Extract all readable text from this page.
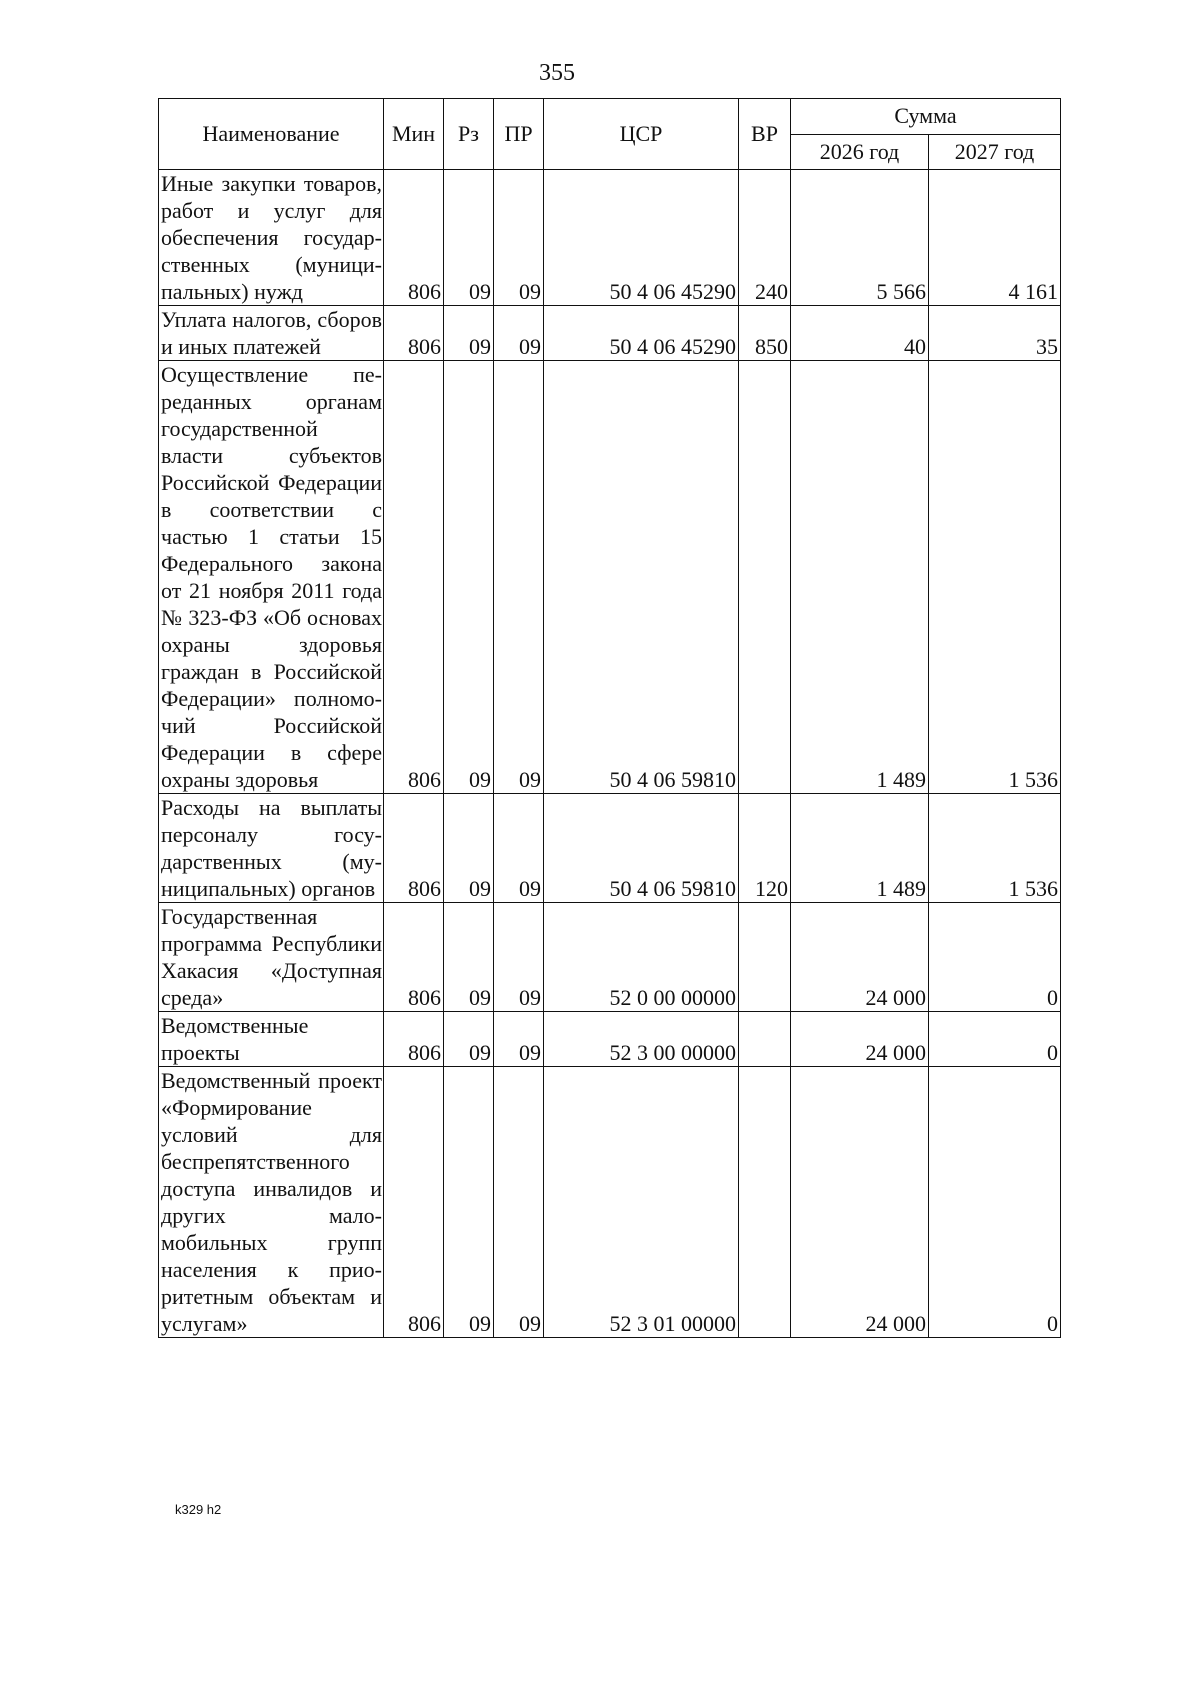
355
Наименование	Мин	Рз	ПР	ЦСР	ВР	Сумма	
						2026 год	2027 год
Иные закупки товаров, работ и услуг для обеспечения государственных (муниципальных) нужд	806	09	09	50 4 06 45290	240	5 566	4 161
Уплата налогов, сборов и иных платежей	806	09	09	50 4 06 45290	850	40	35
Осуществление переданных органам государственной власти субъектов Российской Федерации в соответствии с частью 1 статьи 15 Федерального закона от 21 ноября 2011 года № 323-ФЗ «Об основах охраны здоровья граждан в Российской Федерации» полномочий Российской Федерации в сфере охраны здоровья	806	09	09	50 4 06 59810		1 489	1 536
Расходы на выплаты персоналу государственных (муниципальных) органов	806	09	09	50 4 06 59810	120	1 489	1 536
Государственная программа Республики Хакасия «Доступная среда»	806	09	09	52 0 00 00000		24 000	0
Ведомственные проекты	806	09	09	52 3 00 00000		24 000	0
Ведомственный проект «Формирование условий для беспрепятственного доступа инвалидов и других маломобильных групп населения к приоритетным объектам и услугам»	806	09	09	52 3 01 00000		24 000	0
k329 h2
